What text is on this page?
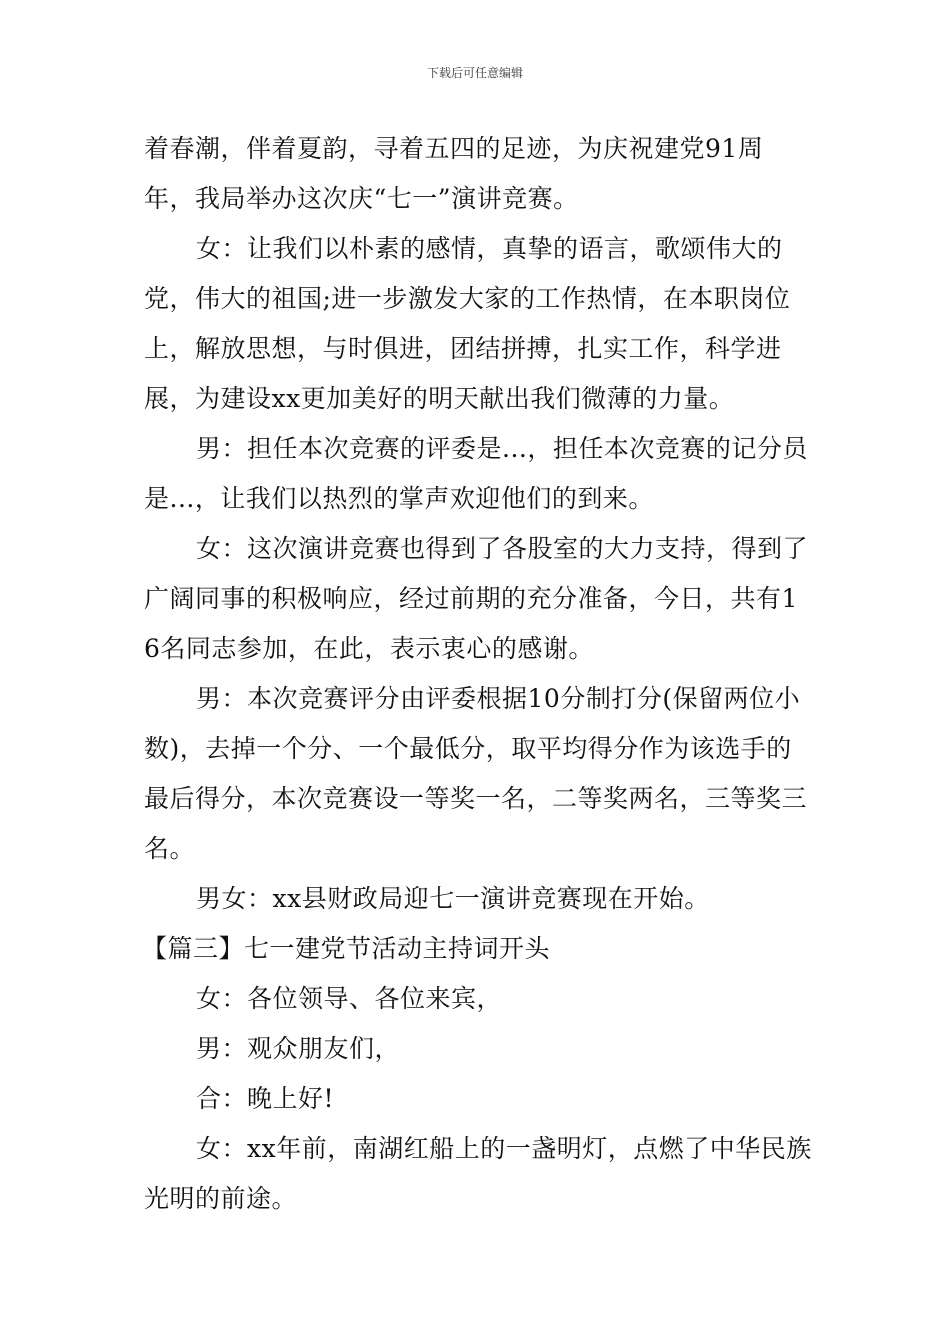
下载后可任意编辑

着春潮，伴着夏韵，寻着五四的足迹，为庆祝建党91周年，我局举办这次庆“七一”演讲竞赛。

女：让我们以朴素的感情，真挚的语言，歌颂伟大的党，伟大的祖国;进一步激发大家的工作热情，在本职岗位上，解放思想，与时俱进，团结拼搏，扎实工作，科学进展，为建设xx更加美好的明天献出我们微薄的力量。

男：担任本次竞赛的评委是...，担任本次竞赛的记分员是...，让我们以热烈的掌声欢迎他们的到来。

女：这次演讲竞赛也得到了各股室的大力支持，得到了广阔同事的积极响应，经过前期的充分准备，今日，共有16名同志参加，在此，表示衷心的感谢。

男：本次竞赛评分由评委根据10分制打分(保留两位小数)，去掉一个分、一个最低分，取平均得分作为该选手的最后得分，本次竞赛设一等奖一名，二等奖两名，三等奖三名。

男女：xx县财政局迎七一演讲竞赛现在开始。

【篇三】七一建党节活动主持词开头

女：各位领导、各位来宾，

男：观众朋友们，

合：晚上好!

女：xx年前，南湖红船上的一盏明灯，点燃了中华民族光明的前途。
